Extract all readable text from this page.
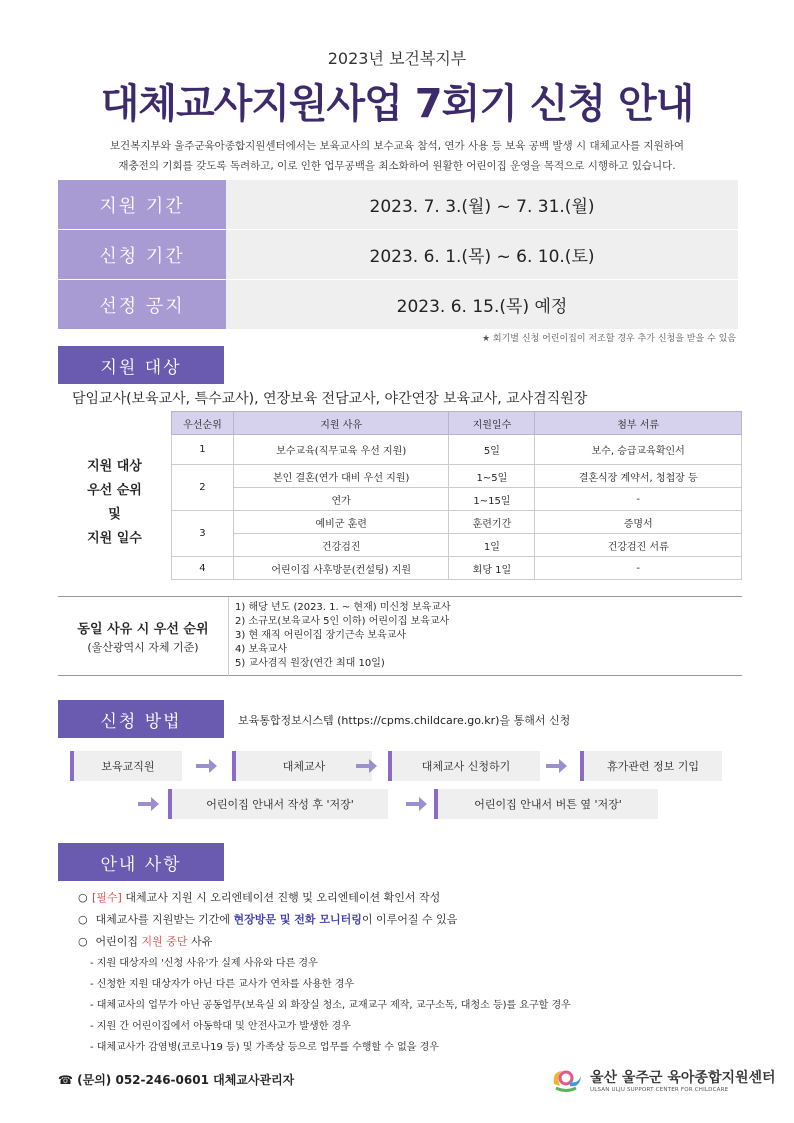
2023년 보건복지부
대체교사지원사업 7회기 신청 안내
보건복지부와 울주군육아종합지원센터에서는 보육교사의 보수교육 참석, 연가 사용 등 보육 공백 발생 시 대체교사를 지원하여
재충전의 기회를 갖도록 독려하고, 이로 인한 업무공백을 최소화하여 원활한 어린이집 운영을 목적으로 시행하고 있습니다.
지원 기간	2023. 7. 3.(월) ~ 7. 31.(월)
신청 기간	2023. 6. 1.(목) ~ 6. 10.(토)
선정 공지	2023. 6. 15.(목) 예정
★ 회기별 신청 어린이집이 저조할 경우 추가 신청을 받을 수 있음
지원 대상
담임교사(보육교사, 특수교사), 연장보육 전담교사, 야간연장 보육교사, 교사겸직원장
지원 대상
우선 순위
및
지원 일수
우선순위	지원 사유	지원일수	첨부 서류
1	보수교육(직무교육 우선 지원)	5일	보수, 승급교육확인서
2	본인 결혼(연가 대비 우선 지원)	1~5일	결혼식장 계약서, 청첩장 등
	연가	1~15일	-
3	예비군 훈련	훈련기간	증명서
	건강검진	1일	건강검진 서류
4	어린이집 사후방문(컨설팅) 지원	회당 1일	-
동일 사유 시 우선 순위
(울산광역시 자체 기준)
1) 해당 년도 (2023. 1. ~ 현재) 미신청 보육교사
2) 소규모(보육교사 5인 이하) 어린이집 보육교사
3) 현 재직 어린이집 장기근속 보육교사
4) 보육교사
5) 교사겸직 원장(연간 최대 10일)
신청 방법	보육통합정보시스템 (https://cpms.childcare.go.kr)을 통해서 신청
보육교직원	대체교사	대체교사 신청하기	휴가관련 정보 기입
어린이집 안내서 작성 후 '저장'	어린이집 안내서 버튼 옆 '저장'
안내 사항
○ [필수] 대체교사 지원 시 오리엔테이션 진행 및 오리엔테이션 확인서 작성
○ 대체교사를 지원받는 기간에 현장방문 및 전화 모니터링이 이루어질 수 있음
○ 어린이집 지원 중단 사유
- 지원 대상자의 '신청 사유'가 실제 사유와 다른 경우
- 신청한 지원 대상자가 아닌 다른 교사가 연차를 사용한 경우
- 대체교사의 업무가 아닌 공동업무(보육실 외 화장실 청소, 교재교구 제작, 교구소독, 대청소 등)를 요구할 경우
- 지원 간 어린이집에서 아동학대 및 안전사고가 발생한 경우
- 대체교사가 감염병(코로나19 등) 및 가족상 등으로 업무를 수행할 수 없을 경우
☎ (문의) 052-246-0601 대체교사관리자	울산 울주군 육아종합지원센터
ULSAN ULJU SUPPORT CENTER FOR CHILDCARE
